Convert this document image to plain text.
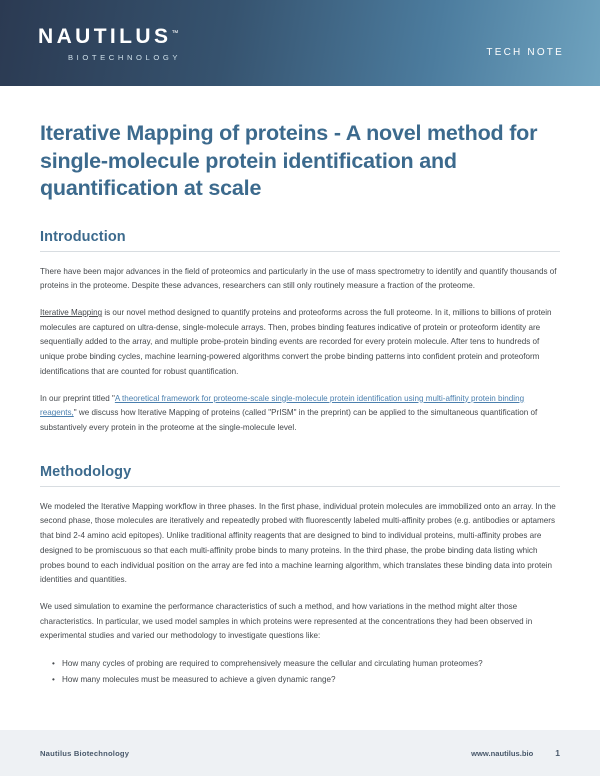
NAUTILUS™
BIOTECHNOLOGY	TECH NOTE
Iterative Mapping of proteins - A novel method for single-molecule protein identification and quantification at scale
Introduction

There have been major advances in the field of proteomics and particularly in the use of mass spectrometry to identify and quantify thousands of proteins in the proteome. Despite these advances, researchers can still only routinely measure a fraction of the proteome.

Iterative Mapping is our novel method designed to quantify proteins and proteoforms across the full proteome. In it, millions to billions of protein molecules are captured on ultra-dense, single-molecule arrays. Then, probes binding features indicative of protein or proteoform identity are sequentially added to the array, and multiple probe-protein binding events are recorded for every protein molecule. After tens to hundreds of unique probe binding cycles, machine learning-powered algorithms convert the probe binding patterns into confident protein and proteoform identifications that are counted for robust quantification.

In our preprint titled "A theoretical framework for proteome-scale single-molecule protein identification using multi-affinity protein binding reagents," we discuss how Iterative Mapping of proteins (called "PrISM" in the preprint) can be applied to the simultaneous quantification of substantively every protein in the proteome at the single-molecule level.

Methodology

We modeled the Iterative Mapping workflow in three phases. In the first phase, individual protein molecules are immobilized onto an array. In the second phase, those molecules are iteratively and repeatedly probed with fluorescently labeled multi-affinity probes (e.g. antibodies or aptamers that bind 2-4 amino acid epitopes). Unlike traditional affinity reagents that are designed to bind to individual proteins, multi-affinity probes are designed to be promiscuous so that each multi-affinity probe binds to many proteins. In the third phase, the probe binding data listing which probes bound to each individual position on the array are fed into a machine learning algorithm, which translates these binding data into protein identities and quantities.

We used simulation to examine the performance characteristics of such a method, and how variations in the method might alter those characteristics. In particular, we used model samples in which proteins were represented at the concentrations they had been observed in experimental studies and varied our methodology to investigate questions like:

• How many cycles of probing are required to comprehensively measure the cellular and circulating human proteomes?
• How many molecules must be measured to achieve a given dynamic range?
Nautilus Biotechnology	www.nautilus.bio	1
